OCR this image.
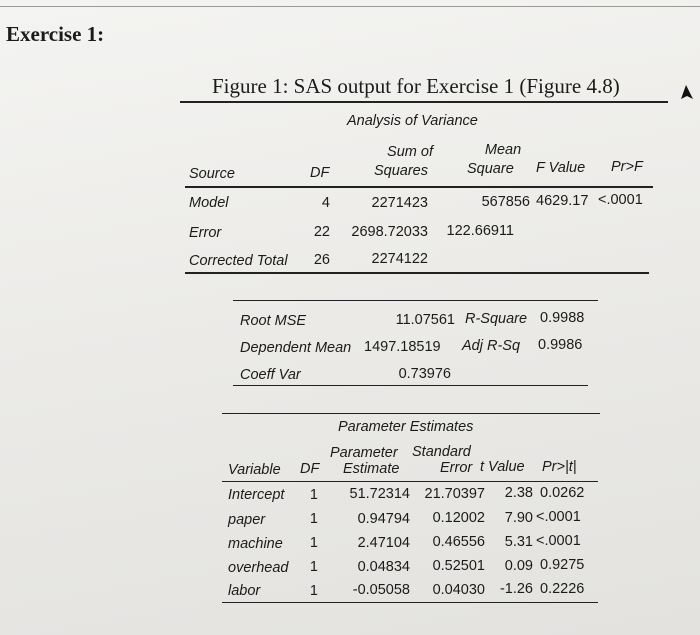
Exercise 1:
Figure 1: SAS output for Exercise 1 (Figure 4.8)
Analysis of Variance
Sum of	Mean
Source	DF	Squares	Square F Value Pr>F
Model	4	2271423	567856 4629.17 <.0001
Error	22	2698.72033	122.66911
Corrected Total	26	2274122
Root MSE	11.07561 R-Square 0.9988
Dependent Mean 1497.18519 Adj R-Sq 0.9986
Coeff Var	0.73976
Parameter Estimates
Parameter Standard
Variable DF Estimate	Error t Value Pr>|t|
Intercept	1	51.72314	21.70397	2.38 0.0262
paper	1	0.94794	0.12002	7.90 <.0001
machine	1	2.47104	0.46556	5.31 <.0001
overhead	1	0.04834	0.52501	0.09 0.9275
labor	1	-0.05058	0.04030	-1.26 0.2226
